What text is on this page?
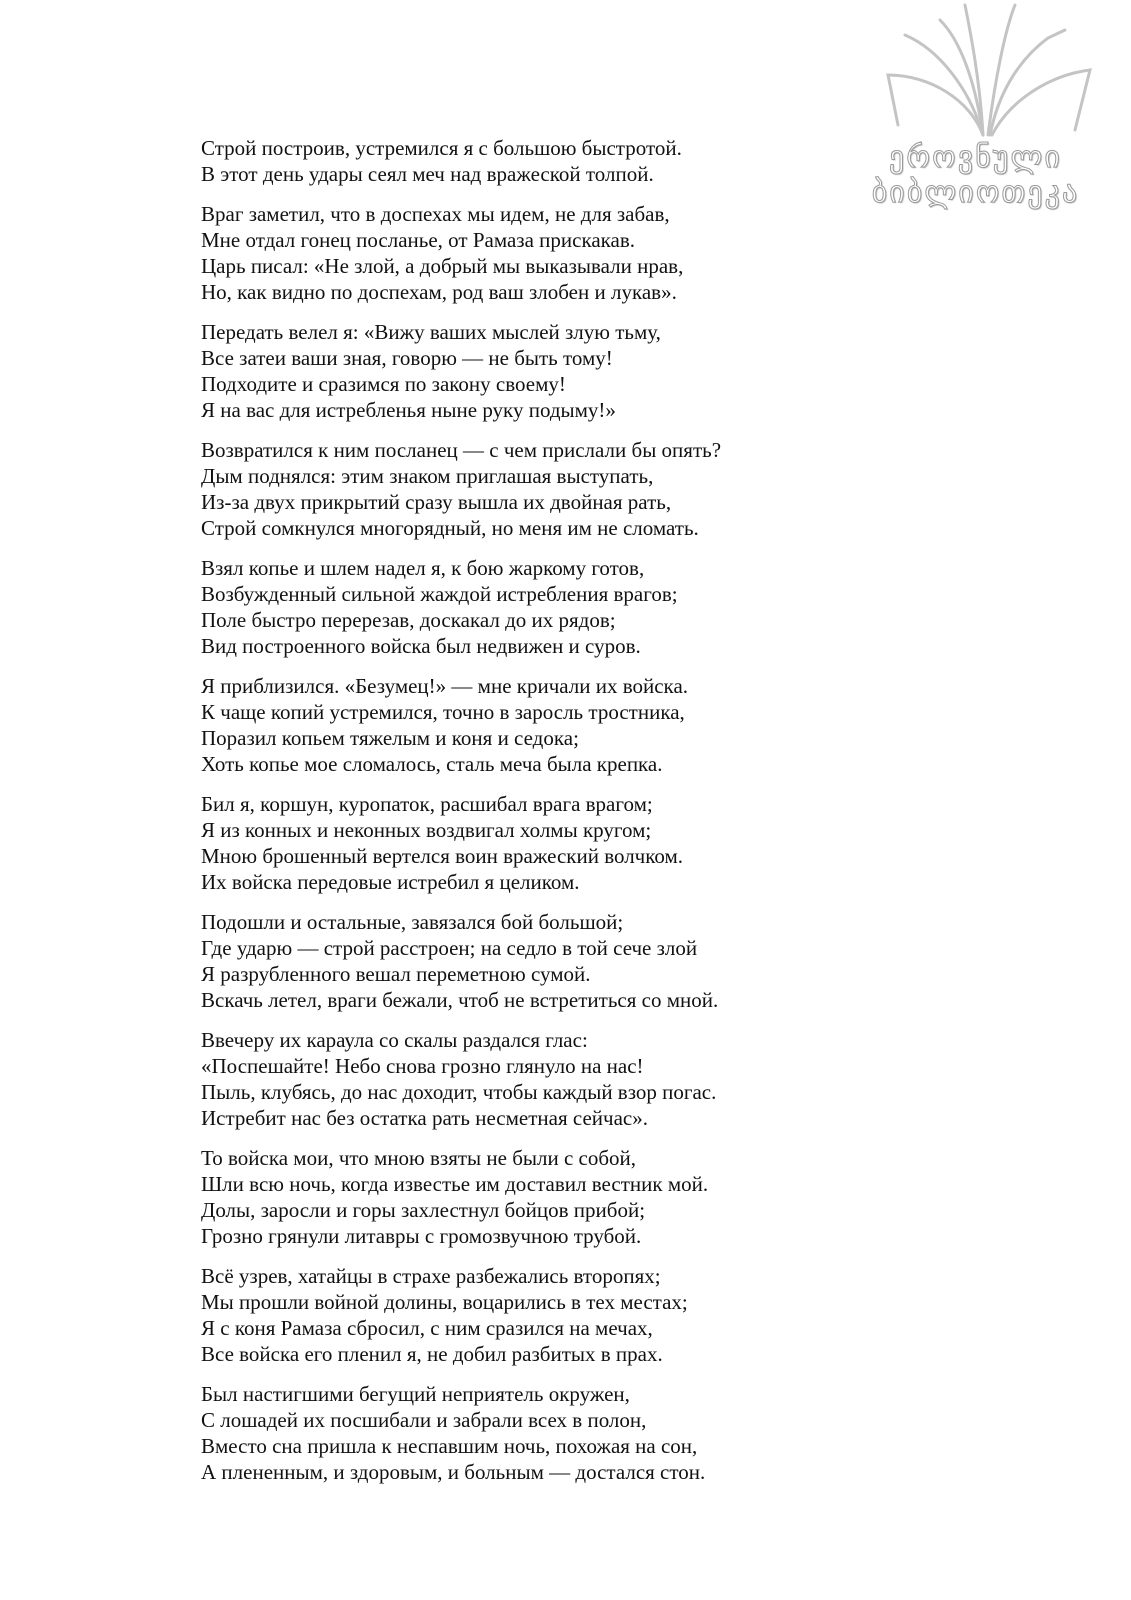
ეროვნული
ბიბლიოთეკა
Строй построив, устремился я с большою быстротой.
В этот день удары сеял меч над вражеской толпой.
Враг заметил, что в доспехах мы идем, не для забав,
Мне отдал гонец посланье, от Рамаза прискакав.
Царь писал: «Не злой, а добрый мы выказывали нрав,
Но, как видно по доспехам, род ваш злобен и лукав».
Передать велел я: «Вижу ваших мыслей злую тьму,
Все затеи ваши зная, говорю — не быть тому!
Подходите и сразимся по закону своему!
Я на вас для истребленья ныне руку подыму!»
Возвратился к ним посланец — с чем прислали бы опять?
Дым поднялся: этим знаком приглашая выступать,
Из-за двух прикрытий сразу вышла их двойная рать,
Строй сомкнулся многорядный, но меня им не сломать.
Взял копье и шлем надел я, к бою жаркому готов,
Возбужденный сильной жаждой истребления врагов;
Поле быстро перерезав, доскакал до их рядов;
Вид построенного войска был недвижен и суров.
Я приблизился. «Безумец!» — мне кричали их войска.
К чаще копий устремился, точно в заросль тростника,
Поразил копьем тяжелым и коня и седока;
Хоть копье мое сломалось, сталь меча была крепка.
Бил я, коршун, куропаток, расшибал врага врагом;
Я из конных и неконных воздвигал холмы кругом;
Мною брошенный вертелся воин вражеский волчком.
Их войска передовые истребил я целиком.
Подошли и остальные, завязался бой большой;
Где ударю — строй расстроен; на седло в той сече злой
Я разрубленного вешал переметною сумой.
Вскачь летел, враги бежали, чтоб не встретиться со мной.
Ввечеру их караула со скалы раздался глас:
«Поспешайте! Небо снова грозно глянуло на нас!
Пыль, клубясь, до нас доходит, чтобы каждый взор погас.
Истребит нас без остатка рать несметная сейчас».
То войска мои, что мною взяты не были с собой,
Шли всю ночь, когда известье им доставил вестник мой.
Долы, заросли и горы захлестнул бойцов прибой;
Грозно грянули литавры с громозвучною трубой.
Всё узрев, хатайцы в страхе разбежались второпях;
Мы прошли войной долины, воцарились в тех местах;
Я с коня Рамаза сбросил, с ним сразился на мечах,
Все войска его пленил я, не добил разбитых в прах.
Был настигшими бегущий неприятель окружен,
С лошадей их посшибали и забрали всех в полон,
Вместо сна пришла к неспавшим ночь, похожая на сон,
А плененным, и здоровым, и больным — достался стон.
